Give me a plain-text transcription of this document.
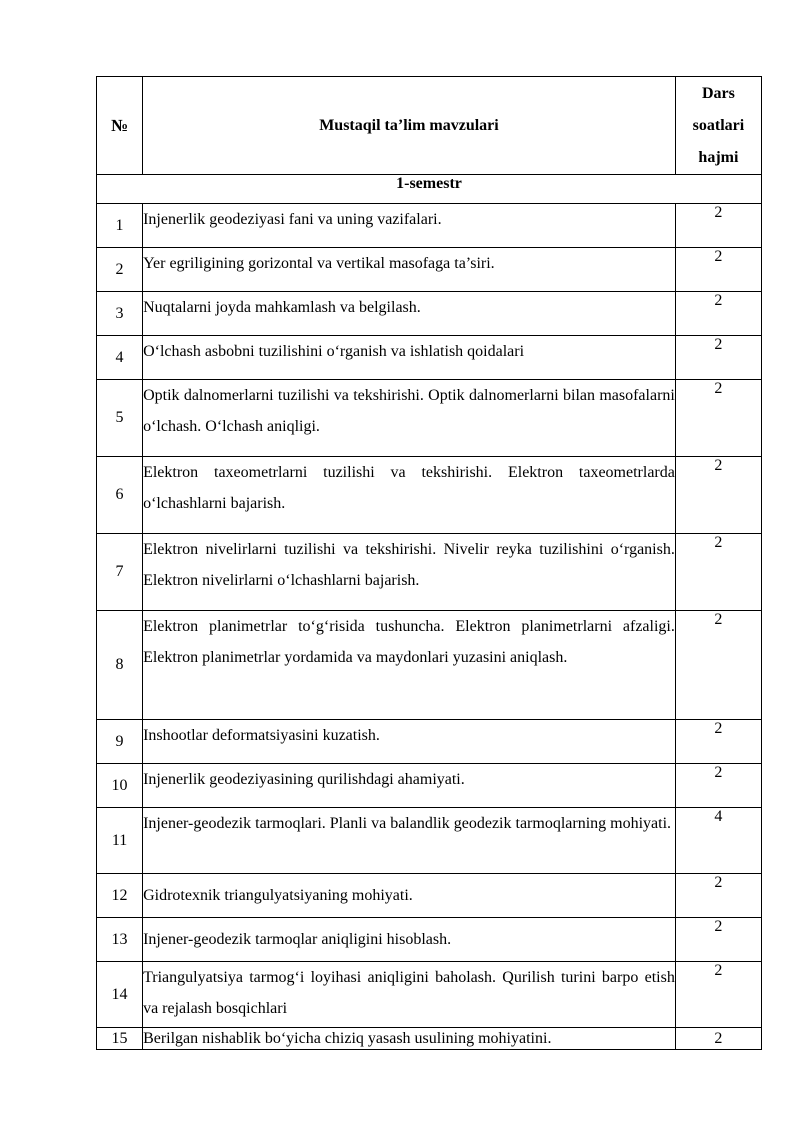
№	Mustaqil ta’lim mavzulari	Dars soatlari hajmi
1-semestr		
1	Injenerlik geodeziyasi fani va uning vazifalari.	2
2	Yer egriligining gorizontal va vertikal masofaga ta’siri.	2
3	Nuqtalarni joyda mahkamlash va belgilash.	2
4	O‘lchash asbobni tuzilishini o‘rganish va ishlatish qoidalari	2
5	Optik dalnomerlarni tuzilishi va tekshirishi. Optik dalnomerlarni bilan masofalarni o‘lchash. O‘lchash aniqligi.	2
6	Elektron taxeometrlarni tuzilishi va tekshirishi. Elektron taxeometrlarda o‘lchashlarni bajarish.	2
7	Elektron nivelirlarni tuzilishi va tekshirishi. Nivelir reyka tuzilishini o‘rganish. Elektron nivelirlarni o‘lchashlarni bajarish.	2
8	Elektron planimetrlar to‘g‘risida tushuncha. Elektron planimetrlarni afzaligi. Elektron planimetrlar yordamida va maydonlari yuzasini aniqlash.	2
9	Inshootlar deformatsiyasini kuzatish.	2
10	Injenerlik geodeziyasining qurilishdagi ahamiyati.	2
11	Injener-geodezik tarmoqlari. Planli va balandlik geodezik tarmoqlarning mohiyati.	4
12	Gidrotexnik triangulyatsiyaning mohiyati.	2
13	Injener-geodezik tarmoqlar aniqligini hisoblash.	2
14	Triangulyatsiya tarmog‘i loyihasi aniqligini baholash. Qurilish turini barpo etish va rejalash bosqichlari	2
15	Berilgan nishablik bo‘yicha chiziq yasash usulining mohiyatini.	2
